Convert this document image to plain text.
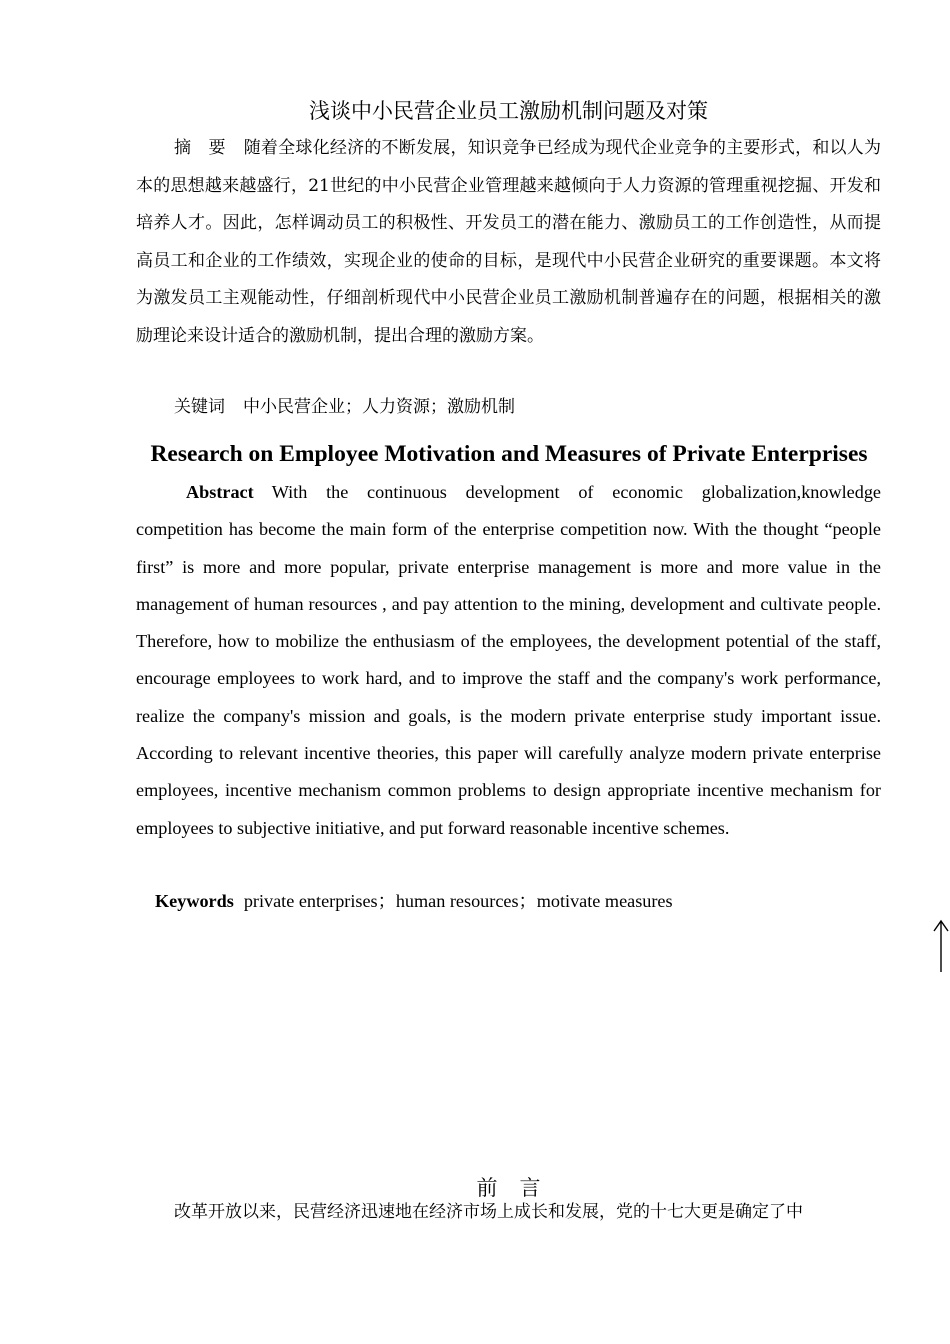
浅谈中小民营企业员工激励机制问题及对策
摘　要 随着全球化经济的不断发展，知识竞争已经成为现代企业竞争的主要形式，和以人为本的思想越来越盛行，21世纪的中小民营企业管理越来越倾向于人力资源的管理重视挖掘、开发和培养人才。因此，怎样调动员工的积极性、开发员工的潜在能力、激励员工的工作创造性，从而提高员工和企业的工作绩效，实现企业的使命的目标，是现代中小民营企业研究的重要课题。本文将为激发员工主观能动性，仔细剖析现代中小民营企业员工激励机制普遍存在的问题，根据相关的激励理论来设计适合的激励机制，提出合理的激励方案。
关键词 中小民营企业；人力资源；激励机制
Research on Employee Motivation and Measures of Private Enterprises
Abstract With the continuous development of economic globalization,knowledge competition has become the main form of the enterprise competition now. With the thought “people first” is more and more popular, private enterprise management is more and more value in the management of human resources , and pay attention to the mining, development and cultivate people. Therefore, how to mobilize the enthusiasm of the employees, the development potential of the staff, encourage employees to work hard, and to improve the staff and the company's work performance, realize the company's mission and goals, is the modern private enterprise study important issue. According to relevant incentive theories, this paper will carefully analyze modern private enterprise employees, incentive mechanism common problems to design appropriate incentive mechanism for employees to subjective initiative, and put forward reasonable incentive schemes.
Keywords private enterprises；human resources；motivate measures
前言
改革开放以来，民营经济迅速地在经济市场上成长和发展，党的十七大更是确定了中
